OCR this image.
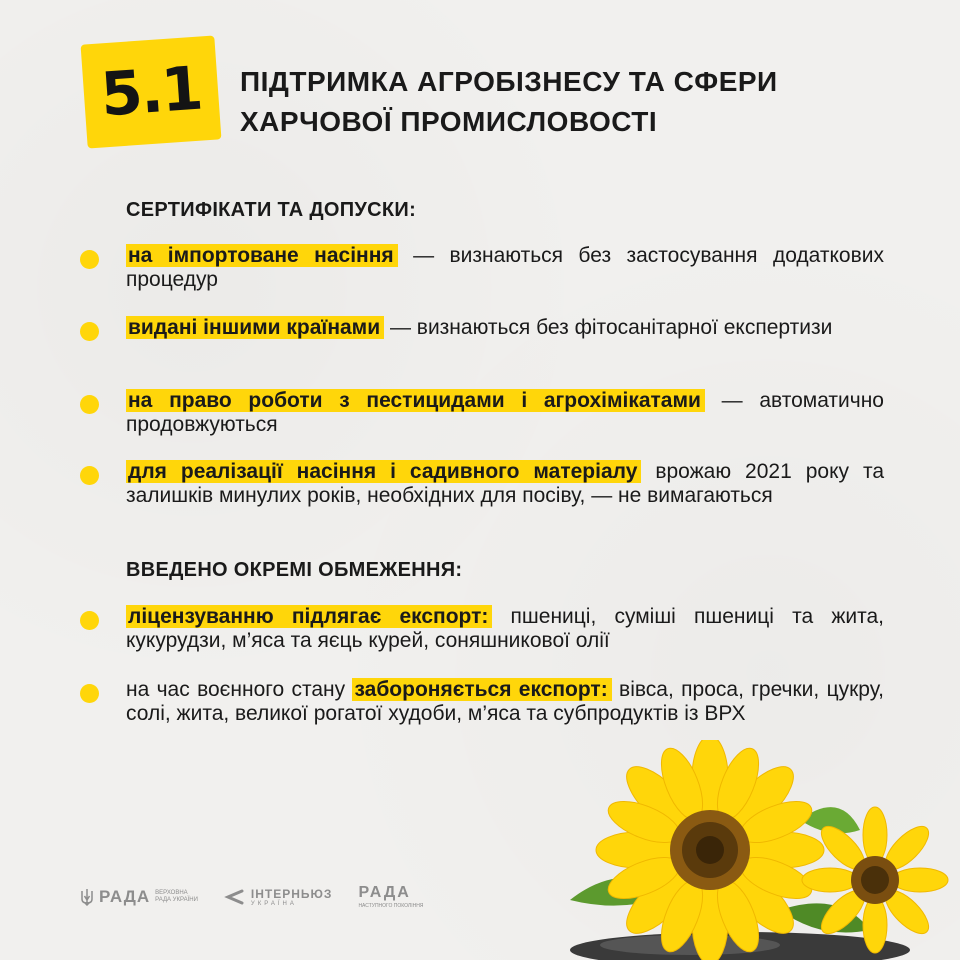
5.1 ПІДТРИМКА АГРОБІЗНЕСУ ТА СФЕРИ
ХАРЧОВОЇ ПРОМИСЛОВОСТІ
СЕРТИФІКАТИ ТА ДОПУСКИ:
на імпортоване насіння — визнаються без застосування додаткових процедур
видані іншими країнами — визнаються без фітосанітарної експертизи
на право роботи з пестицидами і агрохімікатами — автоматично продовжуються
для реалізації насіння і садивного матеріалу врожаю 2021 року та залишків минулих років, необхідних для посіву, — не вимагаються
ВВЕДЕНО ОКРЕМІ ОБМЕЖЕННЯ:
ліцензуванню підлягає експорт: пшениці, суміші пшениці та жита, кукурудзи, м’яса та яєць курей, соняшникової олії
на час воєнного стану забороняється експорт: вівса, проса, гречки, цукру, солі, жита, великої рогатої худоби, м’яса та субпродуктів із ВРХ
РАДА ВЕРХОВНА
РАДА УКРАЇНИ	ІНТЕРНЬЮЗ
УКРАЇНА
РАДА
НАСТУПНОГО ПОКОЛІННЯ
